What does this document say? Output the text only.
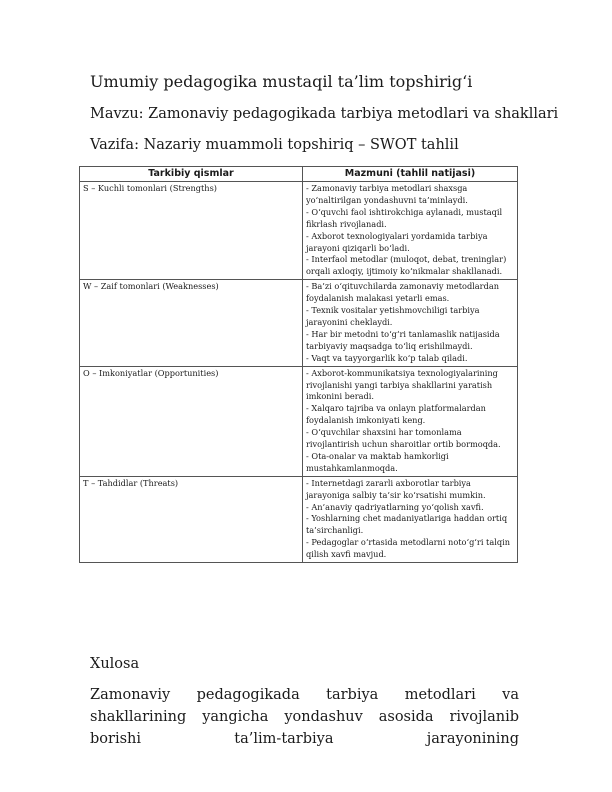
Umumiy pedagogika mustaqil ta’lim topshirig‘i
Mavzu: Zamonaviy pedagogikada tarbiya metodlari va shakllari
Vazifa: Nazariy muammoli topshiriq – SWOT tahlil
Tarkibiy qismlar	Mazmuni (tahlil natijasi)
S – Kuchli tomonlari (Strengths)	- Zamonaviy tarbiya metodlari shaxsga yo‘naltirilgan yondashuvni ta’minlaydi.
- O‘quvchi faol ishtirokchiga aylanadi, mustaqil fikrlash rivojlanadi.
- Axborot texnologiyalari yordamida tarbiya jarayoni qiziqarli bo‘ladi.
- Interfaol metodlar (muloqot, debat, treninglar) orqali axloqiy, ijtimoiy ko‘nikmalar shakllanadi.

W – Zaif tomonlari (Weaknesses)	- Ba’zi o‘qituvchilarda zamonaviy metodlardan foydalanish malakasi yetarli emas.
- Texnik vositalar yetishmovchiligi tarbiya jarayonini cheklaydi.
- Har bir metodni to‘g‘ri tanlamaslik natijasida tarbiyaviy maqsadga to‘liq erishilmaydi.
- Vaqt va tayyorgarlik ko‘p talab qiladi.

O – Imkoniyatlar (Opportunities)	- Axborot-kommunikatsiya texnologiyalarining rivojlanishi yangi tarbiya shakllarini yaratish imkonini beradi.
- Xalqaro tajriba va onlayn platformalardan foydalanish imkoniyati keng.
- O‘quvchilar shaxsini har tomonlama rivojlantirish uchun sharoitlar ortib bormoqda.
- Ota-onalar va maktab hamkorligi mustahkamlanmoqda.

T – Tahdidlar (Threats)	- Internetdagi zararli axborotlar tarbiya jarayoniga salbiy ta’sir ko‘rsatishi mumkin.
- An’anaviy qadriyatlarning yo‘qolish xavfi.
- Yoshlarning chet madaniyatlariga haddan ortiq ta’sirchanligi.
- Pedagoglar o‘rtasida metodlarni noto‘g‘ri talqin qilish xavfi mavjud.
Xulosa
Zamonaviy pedagogikada tarbiya metodlari va shakllarining yangicha yondashuv asosida rivojlanib borishi ta’lim-tarbiya jarayonining
